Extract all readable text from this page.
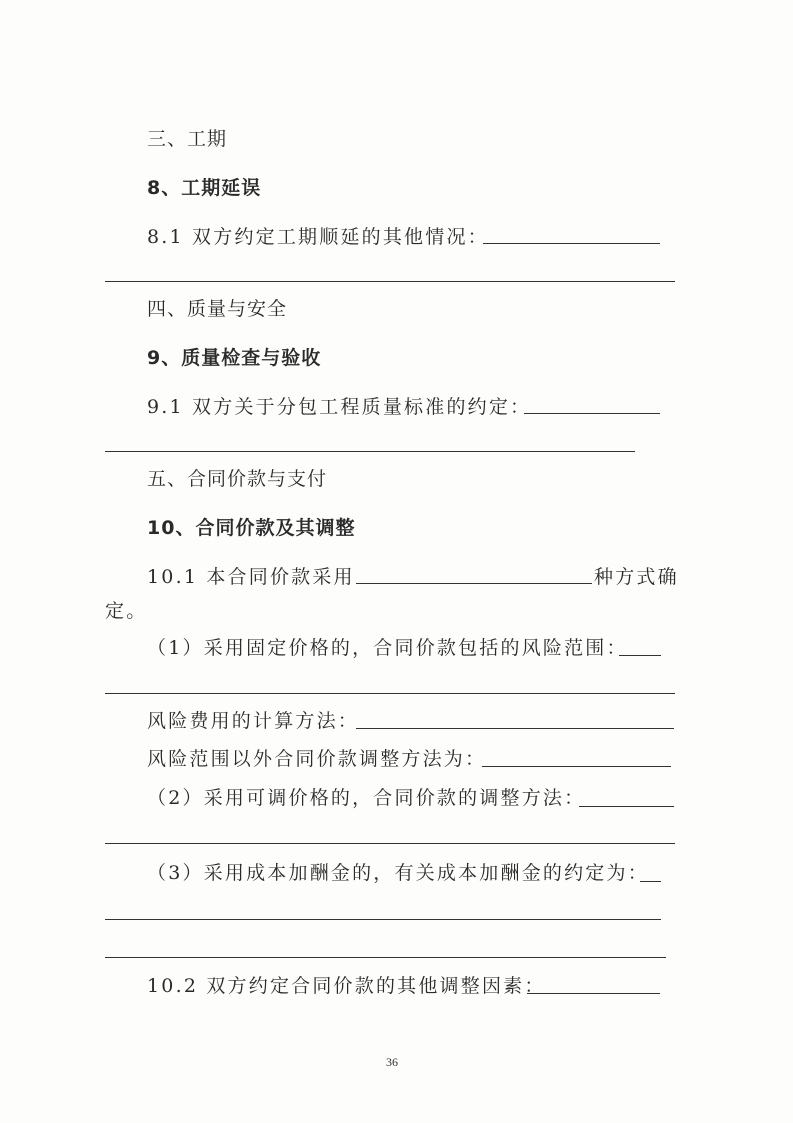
三、工期
8、工期延误
8.1 双方约定工期顺延的其他情况：
四、质量与安全
9、质量检查与验收
9.1 双方关于分包工程质量标准的约定：
五、合同价款与支付
10、合同价款及其调整
10.1 本合同价款采用	种方式确
定。
（1）采用固定价格的，合同价款包括的风险范围：
风险费用的计算方法：
风险范围以外合同价款调整方法为：
（2）采用可调价格的，合同价款的调整方法：
（3）采用成本加酬金的，有关成本加酬金的约定为：
10.2 双方约定合同价款的其他调整因素：
36
